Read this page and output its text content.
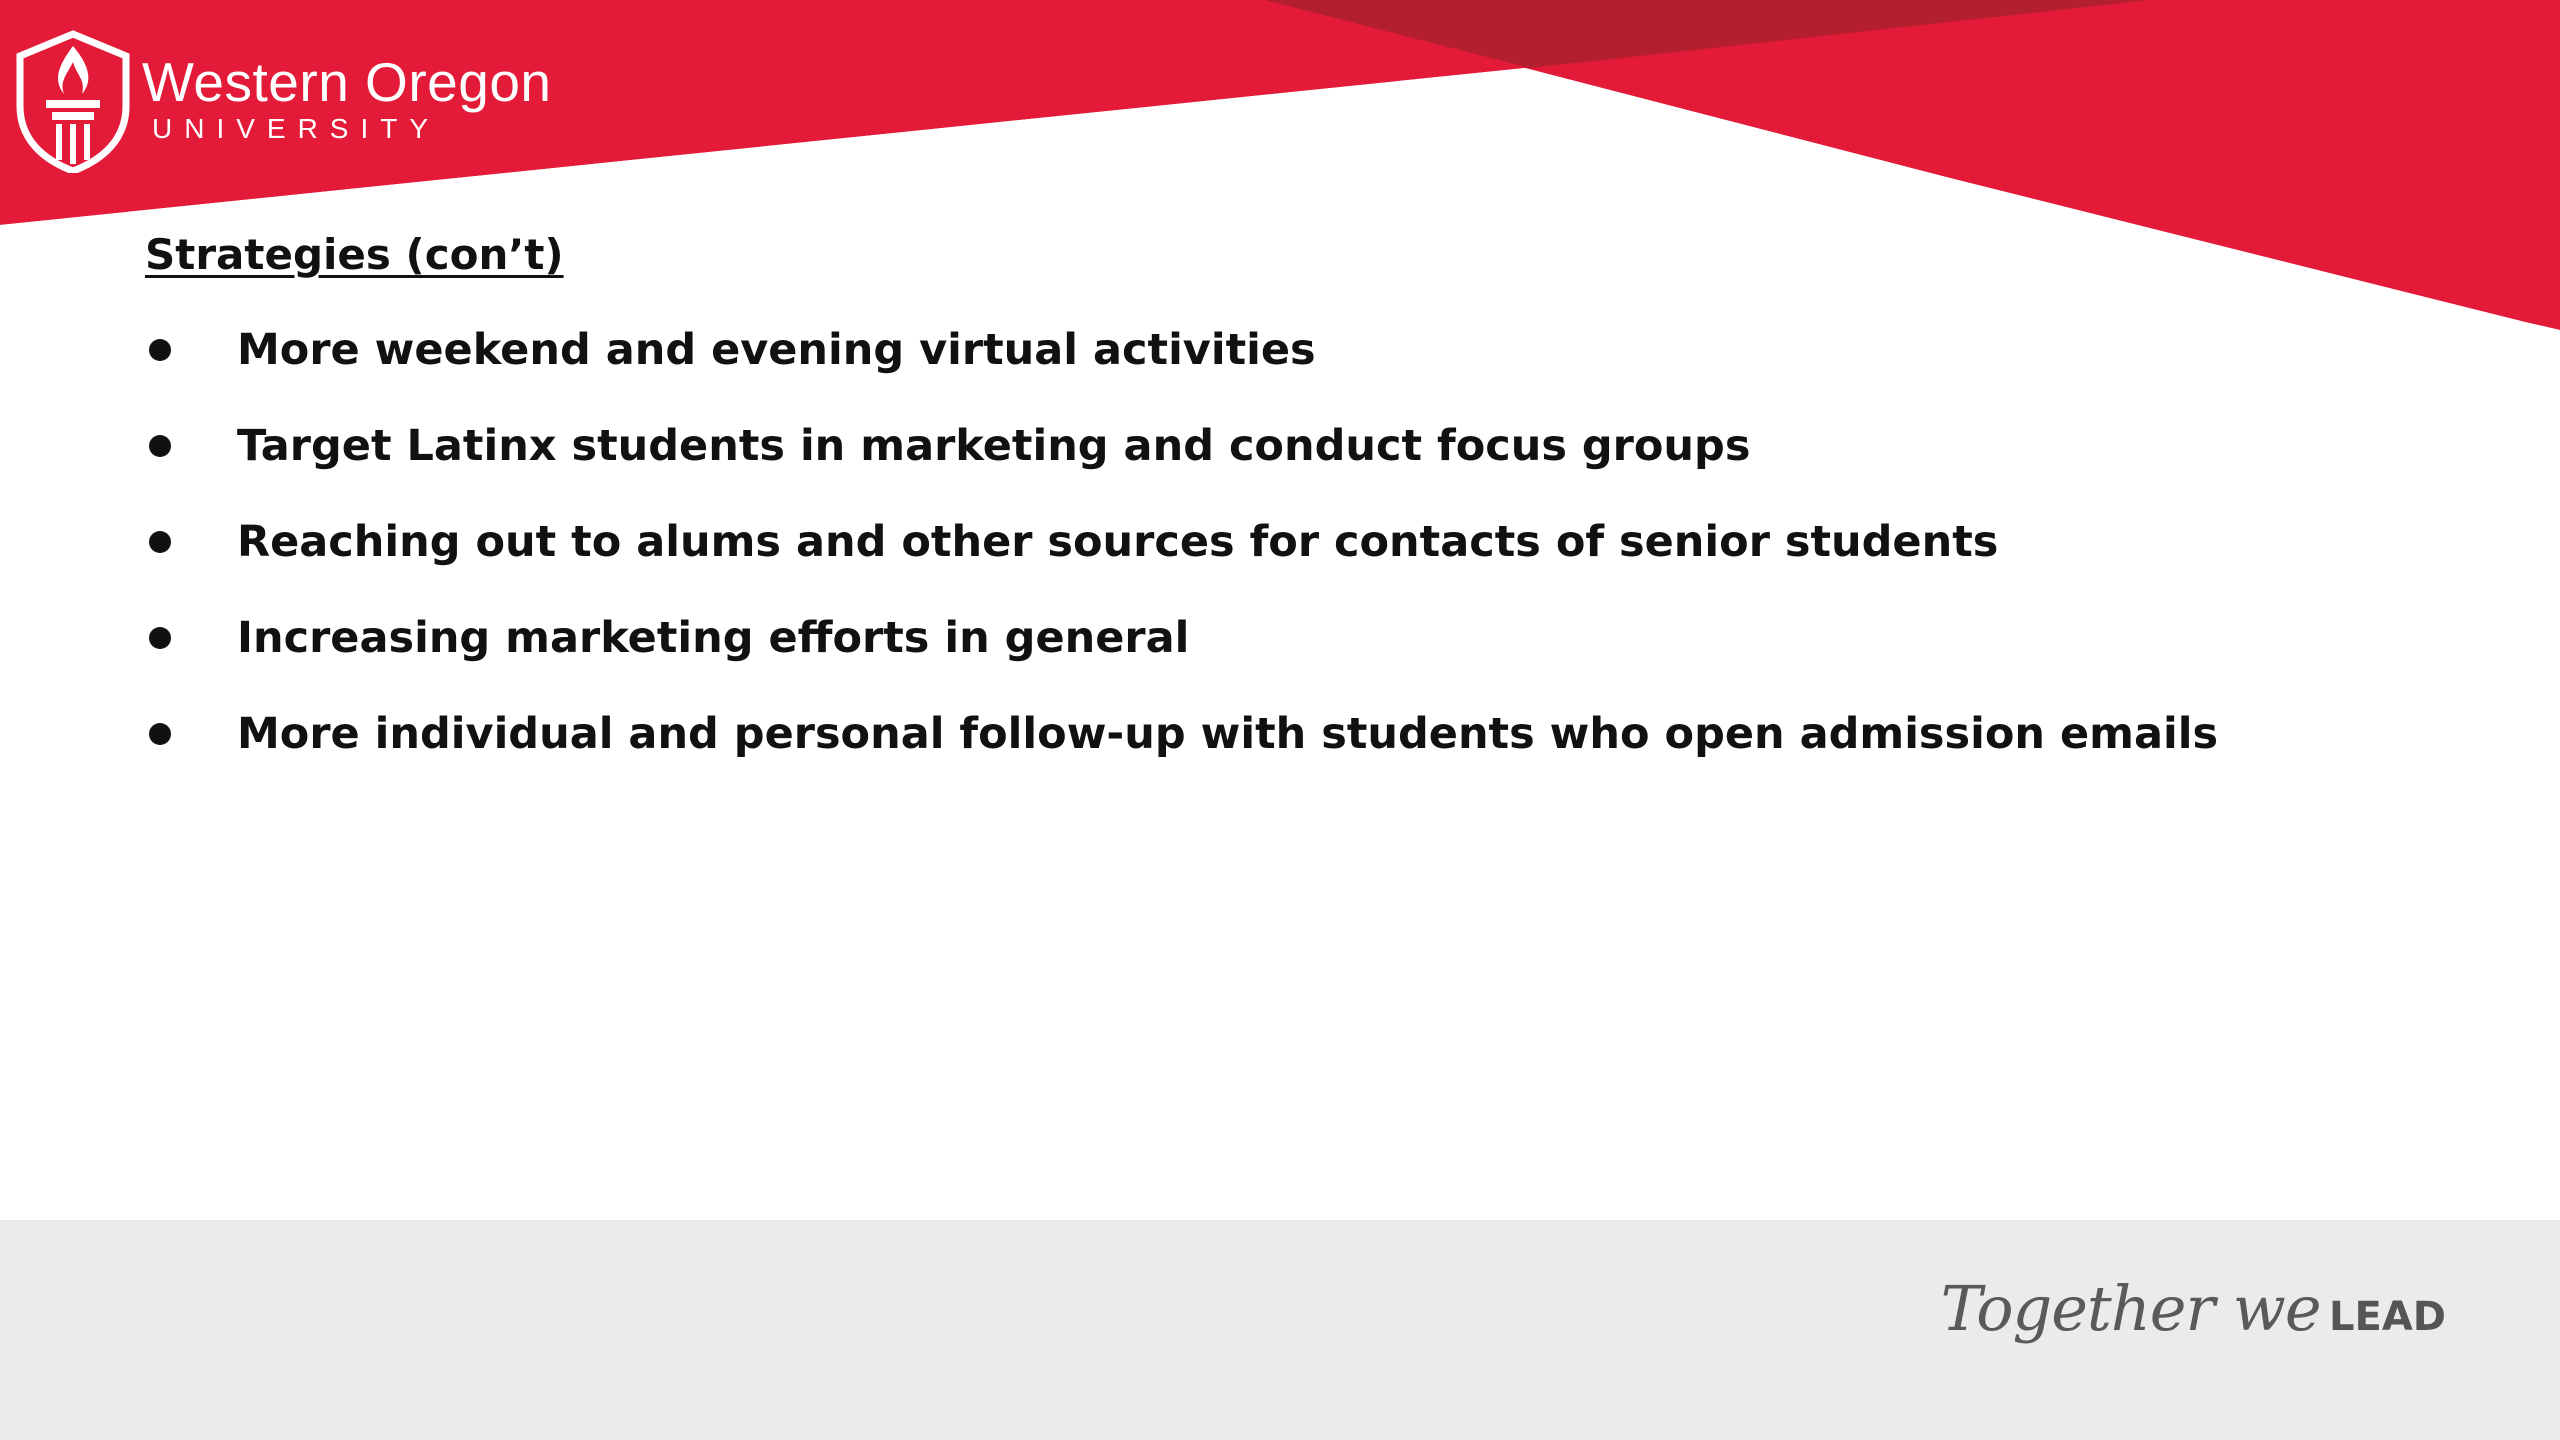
Western Oregon
UNIVERSITY
Strategies (con’t)
More weekend and evening virtual activities
Target Latinx students in marketing and conduct focus groups
Reaching out to alums and other sources for contacts of senior students
Increasing marketing efforts in general
More individual and personal follow-up with students who open admission emails
Together we LEAD
